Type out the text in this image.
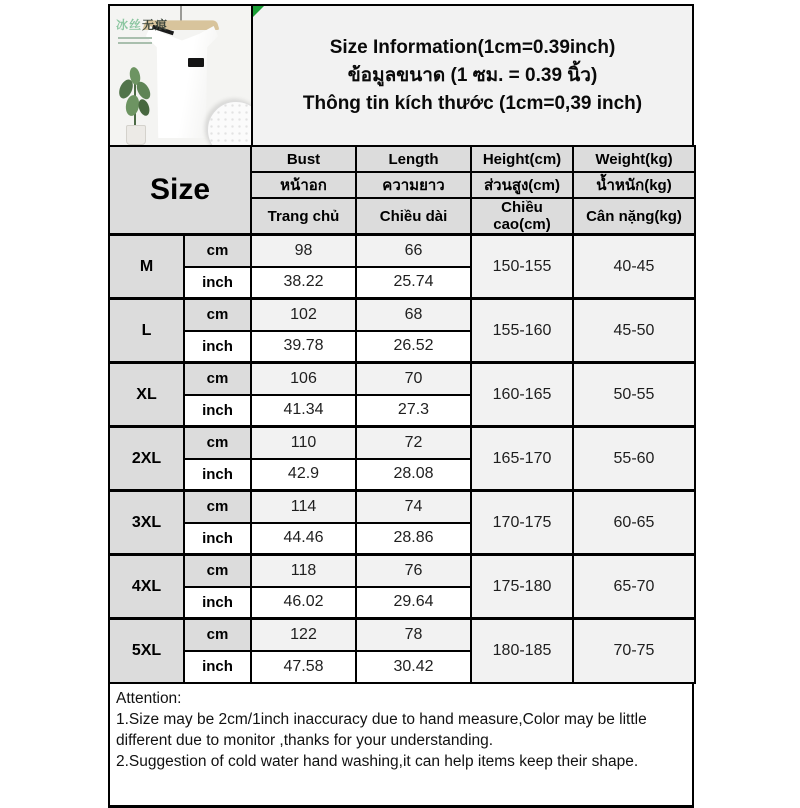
冰丝无痕
Size Information(1cm=0.39inch)
ข้อมูลขนาด (1 ซม. = 0.39 นิ้ว)
Thông tin kích thước (1cm=0,39 inch)
Size		Bust	Length	Height(cm)	Weight(kg)
		หน้าอก	ความยาว	ส่วนสูง(cm)	น้ำหนัก(kg)
		Trang chủ	Chiều dài	Chiều cao(cm)	Cân nặng(kg)
M	cm	98	66	150-155	40-45
	inch	38.22	25.74		
L	cm	102	68	155-160	45-50
	inch	39.78	26.52		
XL	cm	106	70	160-165	50-55
	inch	41.34	27.3		
2XL	cm	110	72	165-170	55-60
	inch	42.9	28.08		
3XL	cm	114	74	170-175	60-65
	inch	44.46	28.86		
4XL	cm	118	76	175-180	65-70
	inch	46.02	29.64		
5XL	cm	122	78	180-185	70-75
	inch	47.58	30.42		
Attention:
1.Size may be 2cm/1inch inaccuracy due to hand measure,Color may be little different due to monitor ,thanks for your understanding.
2.Suggestion of cold water hand washing,it can help items keep their shape.
